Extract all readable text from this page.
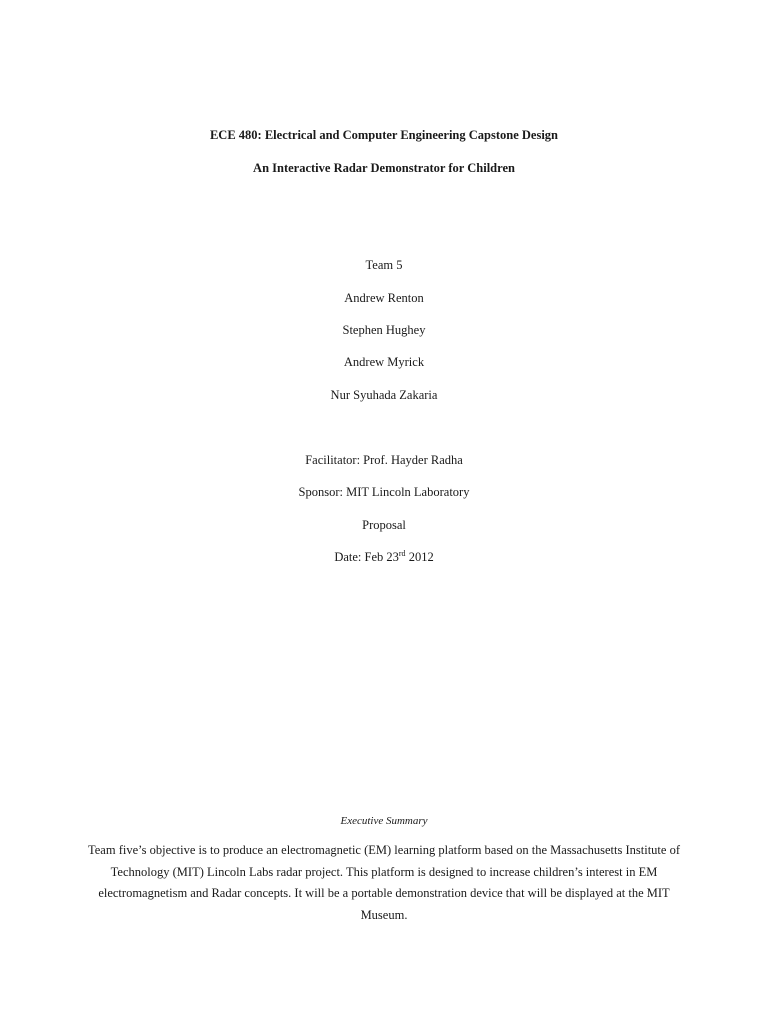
ECE 480: Electrical and Computer Engineering Capstone Design
An Interactive Radar Demonstrator for Children
Team 5
Andrew Renton
Stephen Hughey
Andrew Myrick
Nur Syuhada Zakaria
Facilitator: Prof. Hayder Radha
Sponsor: MIT Lincoln Laboratory
Proposal
Date: Feb 23rd 2012
Executive Summary
Team five’s objective is to produce an electromagnetic (EM) learning platform based on the Massachusetts Institute of Technology (MIT) Lincoln Labs radar project. This platform is designed to increase children’s interest in EM electromagnetism and Radar concepts. It will be a portable demonstration device that will be displayed at the MIT Museum.
